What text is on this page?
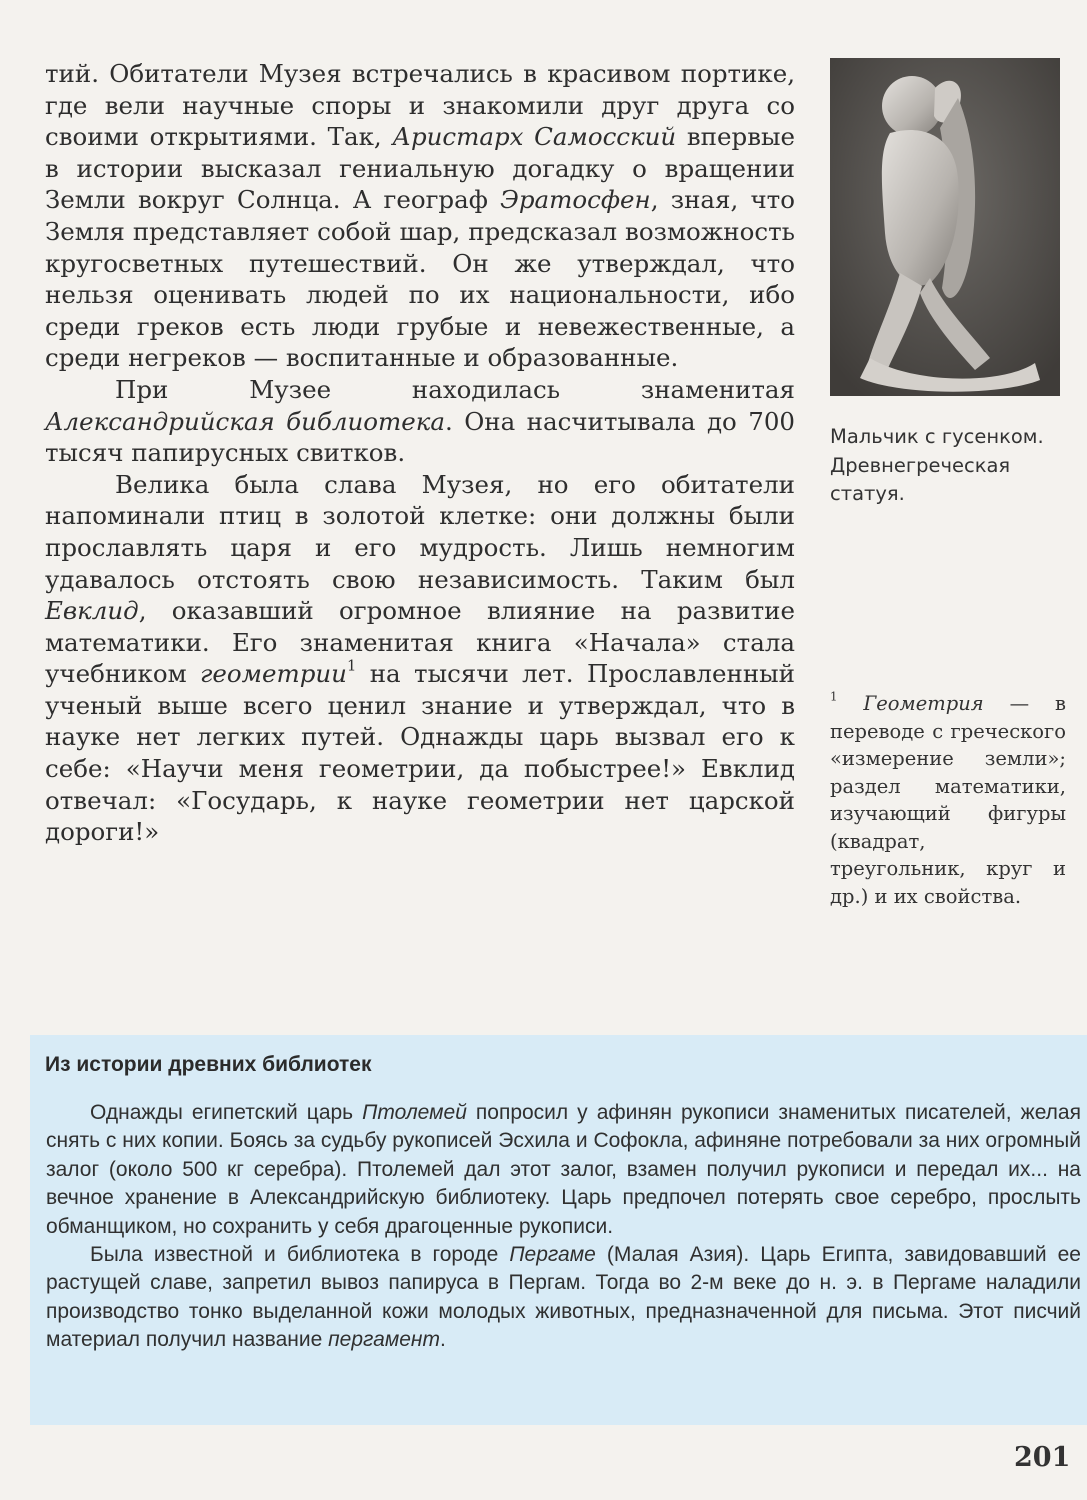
тий. Обитатели Музея встречались в красивом портике, где вели научные споры и знакомили друг друга со своими открытиями. Так, Аристарх Самосский впервые в истории высказал гениальную догадку о вращении Земли вокруг Солнца. А географ Эратосфен, зная, что Земля представляет собой шар, предсказал возможность кругосветных путешествий. Он же утверждал, что нельзя оценивать людей по их национальности, ибо среди греков есть люди грубые и невежественные, а среди негреков — воспитанные и образованные.

При Музее находилась знаменитая Александрийская библиотека. Она насчитывала до 700 тысяч папирусных свитков.

Велика была слава Музея, но его обитатели напоминали птиц в золотой клетке: они должны были прославлять царя и его мудрость. Лишь немногим удавалось отстоять свою независимость. Таким был Евклид, оказавший огромное влияние на развитие математики. Его знаменитая книга «Начала» стала учебником геометрии$^1$ на тысячи лет. Прославленный ученый выше всего ценил знание и утверждал, что в науке нет легких путей. Однажды царь вызвал его к себе: «Научи меня геометрии, да побыстрее!» Евклид отвечал: «Государь, к науке геометрии нет царской дороги!»

Мальчик с гусенком. Древнегреческая статуя.

$^1$ Геометрия — в переводе с греческого «измерение земли»; раздел математики, изучающий фигуры (квадрат, треугольник, круг и др.) и их свойства.

Из истории древних библиотек

Однажды египетский царь Птолемей попросил у афинян рукописи знаменитых писателей, желая снять с них копии. Боясь за судьбу рукописей Эсхила и Софокла, афиняне потребовали за них огромный залог (около 500 кг серебра). Птолемей дал этот залог, взамен получил рукописи и передал их... на вечное хранение в Александрийскую библиотеку. Царь предпочел потерять свое серебро, прослыть обманщиком, но сохранить у себя драгоценные рукописи.

Была известной и библиотека в городе Пергаме (Малая Азия). Царь Египта, завидовавший ее растущей славе, запретил вывоз папируса в Пергам. Тогда во 2-м веке до н. э. в Пергаме наладили производство тонко выделанной кожи молодых животных, предназначенной для письма. Этот писчий материал получил название пергамент.

201
